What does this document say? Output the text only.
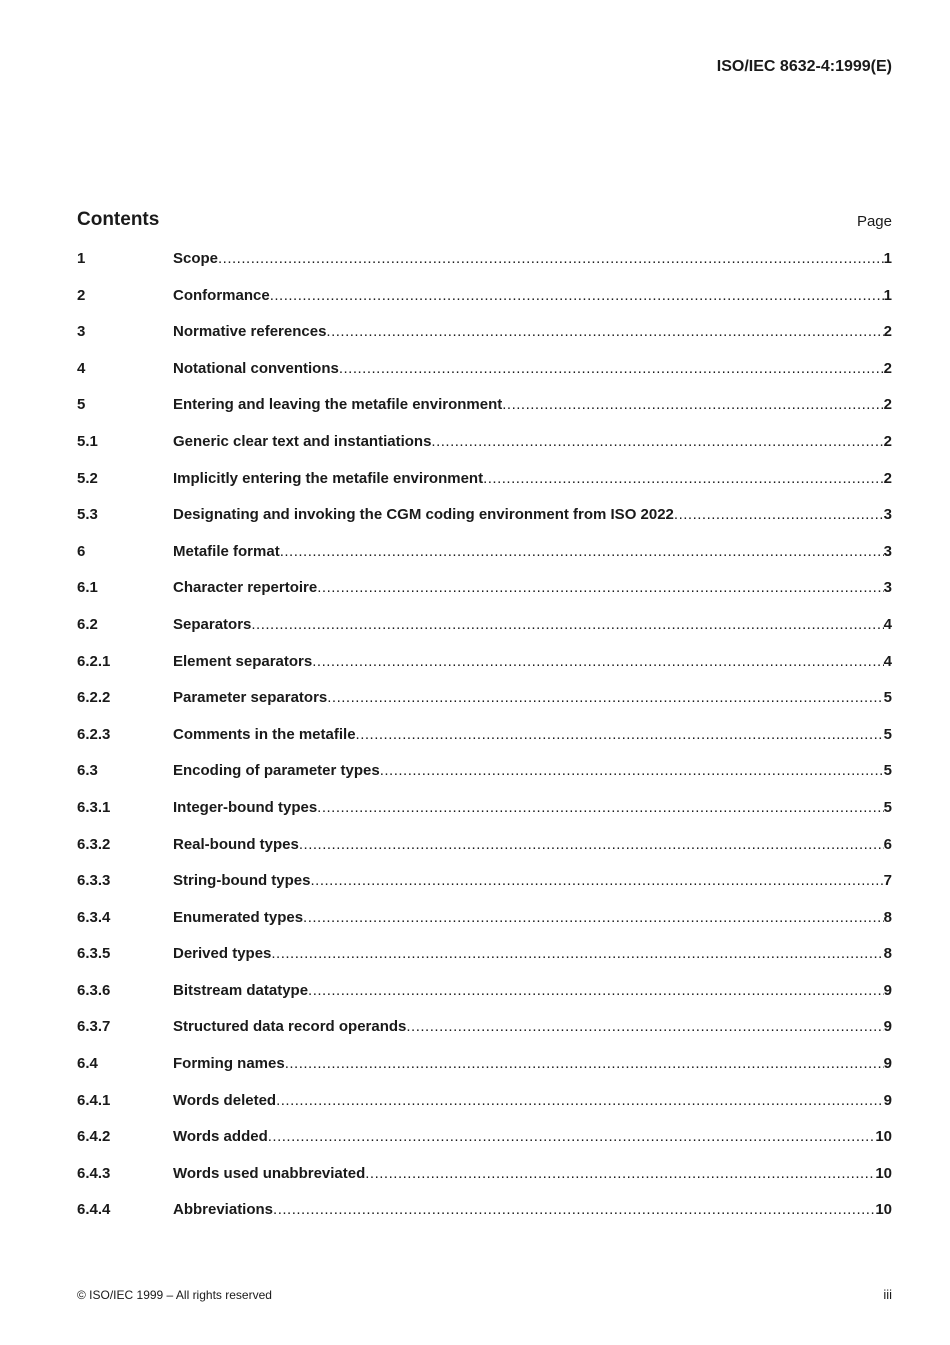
ISO/IEC 8632-4:1999(E)
Contents	Page
1	Scope .....	1
2	Conformance .....	1
3	Normative references .....	2
4	Notational conventions .....	2
5	Entering and leaving the metafile environment .....	2
5.1	Generic clear text and instantiations .....	2
5.2	Implicitly entering the metafile environment .....	2
5.3	Designating and invoking the CGM coding environment from ISO 2022 .....	3
6	Metafile format .....	3
6.1	Character repertoire .....	3
6.2	Separators .....	4
6.2.1	Element separators .....	4
6.2.2	Parameter separators .....	5
6.2.3	Comments in the metafile .....	5
6.3	Encoding of parameter types .....	5
6.3.1	Integer-bound types .....	5
6.3.2	Real-bound types .....	6
6.3.3	String-bound types .....	7
6.3.4	Enumerated types .....	8
6.3.5	Derived types .....	8
6.3.6	Bitstream datatype .....	9
6.3.7	Structured data record operands .....	9
6.4	Forming names .....	9
6.4.1	Words deleted .....	9
6.4.2	Words added .....	10
6.4.3	Words used unabbreviated .....	10
6.4.4	Abbreviations .....	10
© ISO/IEC 1999 – All rights reserved	iii
